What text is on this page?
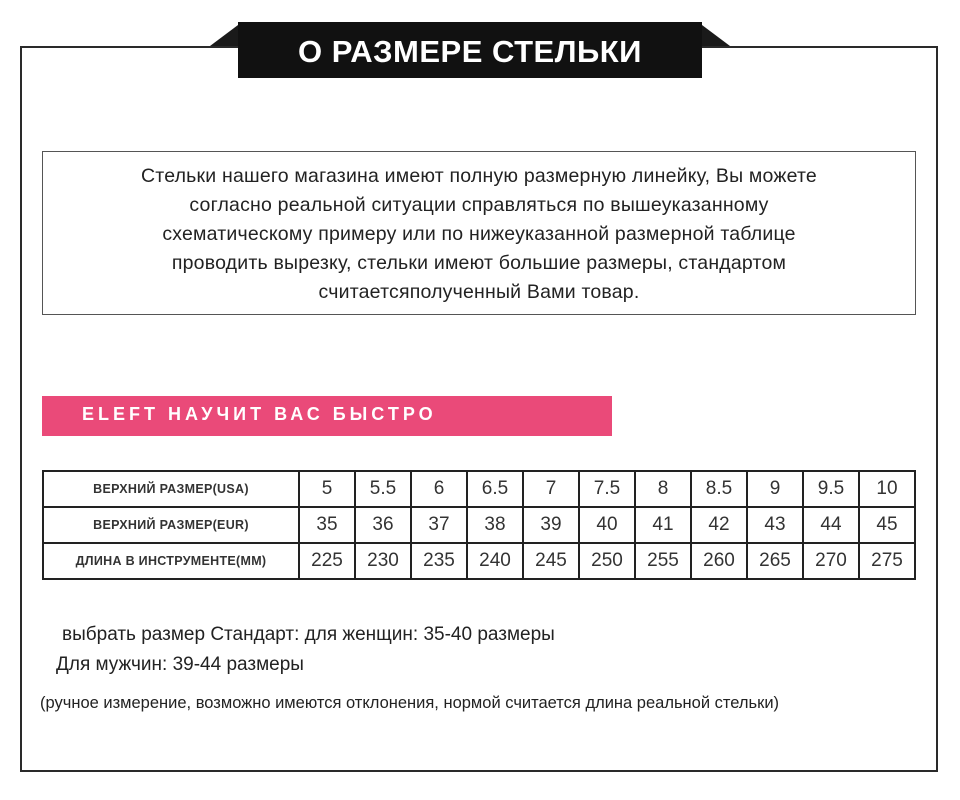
О РАЗМЕРЕ СТЕЛЬКИ

Стельки нашего магазина имеют полную размерную линейку, Вы можете

согласно реальной ситуации справляться по вышеуказанному

схематическому примеру или по нижеуказанной размерной таблице

проводить вырезку, стельки имеют большие размеры, стандартом

считаетсяполученный Вами товар.

ELEFT НАУЧИТ ВАС БЫСТРО
ВЕРХНИЙ РАЗМЕР(USA)	5	5.5	6	6.5	7	7.5	8	8.5	9	9.5	10
ВЕРХНИЙ РАЗМЕР(EUR)	35	36	37	38	39	40	41	42	43	44	45
ДЛИНА В ИНСТРУМЕНТЕ(MM)	225	230	235	240	245	250	255	260	265	270	275
выбрать размер Стандарт: для женщин: 35-40 размеры
Для мужчин: 39-44 размеры
(ручное измерение, возможно имеются отклонения, нормой считается длина реальной стельки)
